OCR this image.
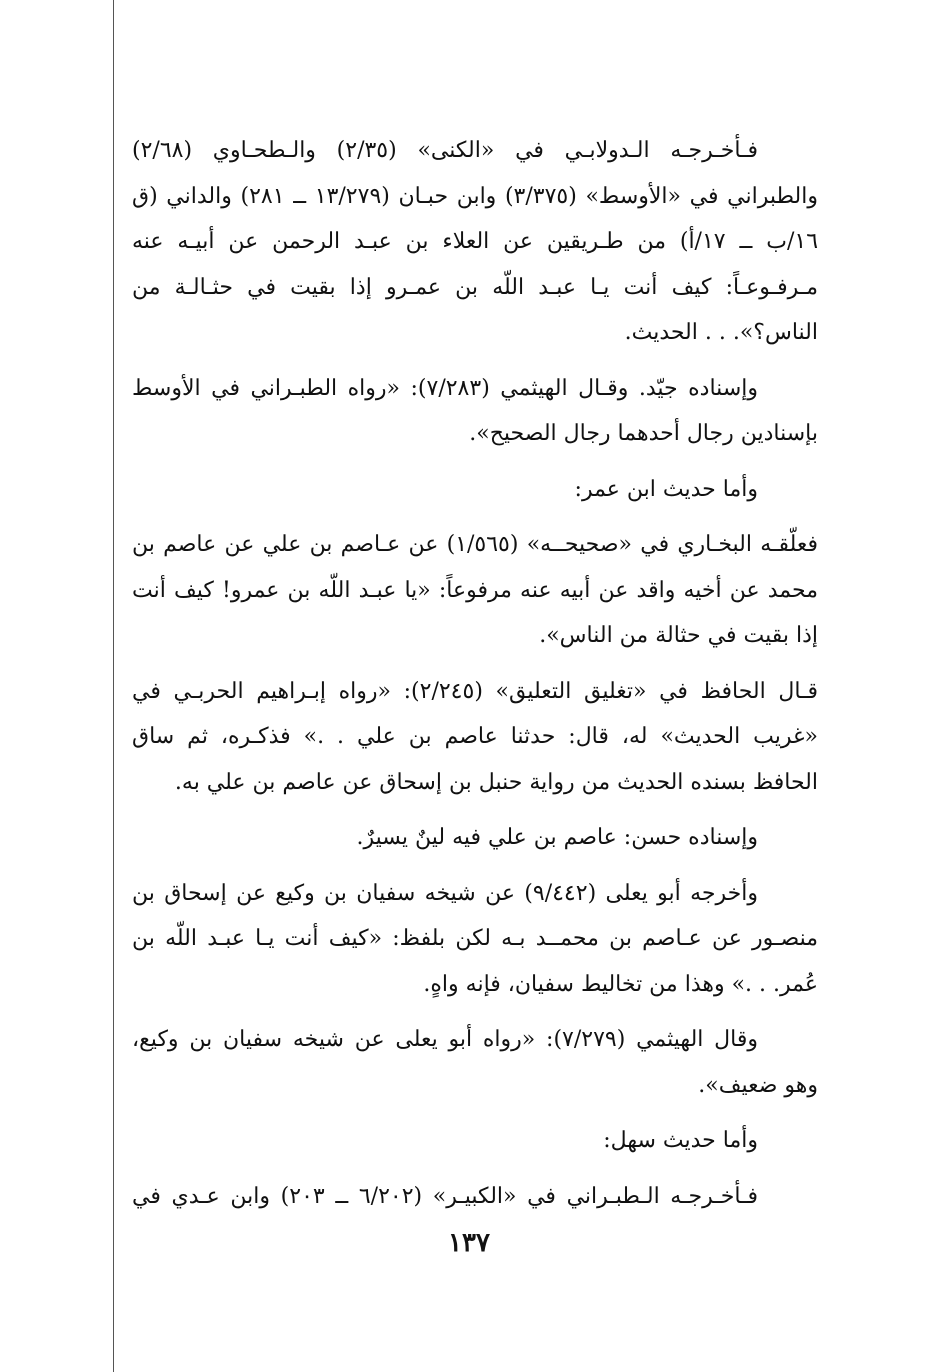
فـأخـرجـه الـدولابـي في «الكنى» (٢/٣٥) والـطحـاوي (٢/٦٨) والطبراني في «الأوسط» (٣/٣٧٥) وابن حبـان (١٣/٢٧٩ ــ ٢٨١) والداني (ق ١٦/ب ــ ١٧/أ) من طـريقين عن العلاء بن عبـد الرحمن عن أبيـه عنه مـرفـوعـاً: كيف أنت يـا عبـد اللّه بن عمـرو إذا بقيت في حثـالـة من الناس؟». . . الحديث.

وإسناده جيّد. وقـال الهيثمي (٧/٢٨٣): «رواه الطبـراني في الأوسط بإسنادين رجال أحدهما رجال الصحيح».

وأما حديث ابن عمر:

فعلّقـه البخـاري في «صحيحــه» (١/٥٦٥) عن عـاصم بن علي عن عاصم بن محمد عن أخيه واقد عن أبيه عنه مرفوعاً: «يا عبـد اللّه بن عمرو! كيف أنت إذا بقيت في حثالة من الناس».

قـال الحافظ في «تغليق التعليق» (٢/٢٤٥): «رواه إبـراهيم الحربـي في «غريب الحديث» له، قال: حدثنا عاصم بن علي . .» فذكـره، ثم ساق الحافظ بسنده الحديث من رواية حنبل بن إسحاق عن عاصم بن علي به.

وإسناده حسن: عاصم بن علي فيه لينٌ يسيرٌ.

وأخرجه أبو يعلى (٩/٤٤٢) عن شيخه سفيان بن وكيع عن إسحاق بن منصـور عن عـاصم بن محمــد بـه لكن بلفظ: «كيف أنت يـا عبـد اللّه بن عُمر. . .» وهذا من تخاليط سفيان، فإنه واهٍ.

وقال الهيثمي (٧/٢٧٩): «رواه أبو يعلى عن شيخه سفيان بن وكيع، وهو ضعيف».

وأما حديث سهل:

فـأخـرجـه الـطبـراني في «الكبيـر» (٦/٢٠٢ ــ ٢٠٣) وابن عـدي في

١٣٧
